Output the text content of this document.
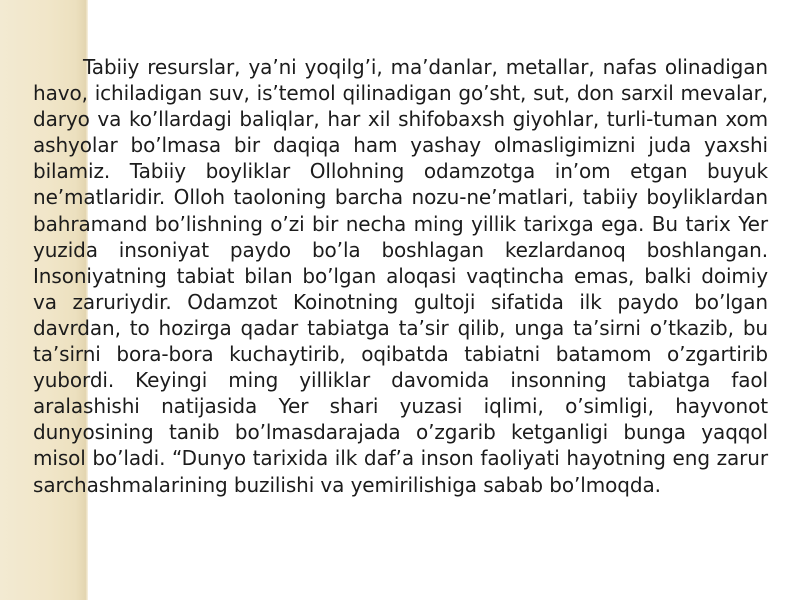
Tabiiy resurslar, ya’ni yoqilg’i, ma’danlar, metallar, nafas olinadigan havo, ichiladigan suv, is’temol qilinadigan go’sht, sut, don sarxil mevalar, daryo va ko’llardagi baliqlar, har xil shifobaxsh giyohlar, turli-tuman xom ashyolar bo’lmasa bir daqiqa ham yashay olmasligimizni juda yaxshi bilamiz. Tabiiy boyliklar Ollohning odamzotga in’om etgan buyuk ne’matlaridir. Olloh taoloning barcha nozu-ne’matlari, tabiiy boyliklardan bahramand bo’lishning o’zi bir necha ming yillik tarixga ega. Bu tarix Yer yuzida insoniyat paydo bo’la boshlagan kezlardanoq boshlangan. Insoniyatning tabiat bilan bo’lgan aloqasi vaqtincha emas, balki doimiy va zaruriydir. Odamzot Koinotning gultoji sifatida ilk paydo bo’lgan davrdan, to hozirga qadar tabiatga ta’sir qilib, unga ta’sirni o’tkazib, bu ta’sirni bora-bora kuchaytirib, oqibatda tabiatni batamom o’zgartirib yubordi. Keyingi ming yilliklar davomida insonning tabiatga faol aralashishi natijasida Yer shari yuzasi iqlimi, o’simligi, hayvonot dunyosining tanib bo’lmasdarajada o’zgarib ketganligi bunga yaqqol misol bo’ladi. “Dunyo tarixida ilk daf’a inson faoliyati hayotning eng zarur sarchashmalarining buzilishi va yemirilishiga sabab bo’lmoqda.
